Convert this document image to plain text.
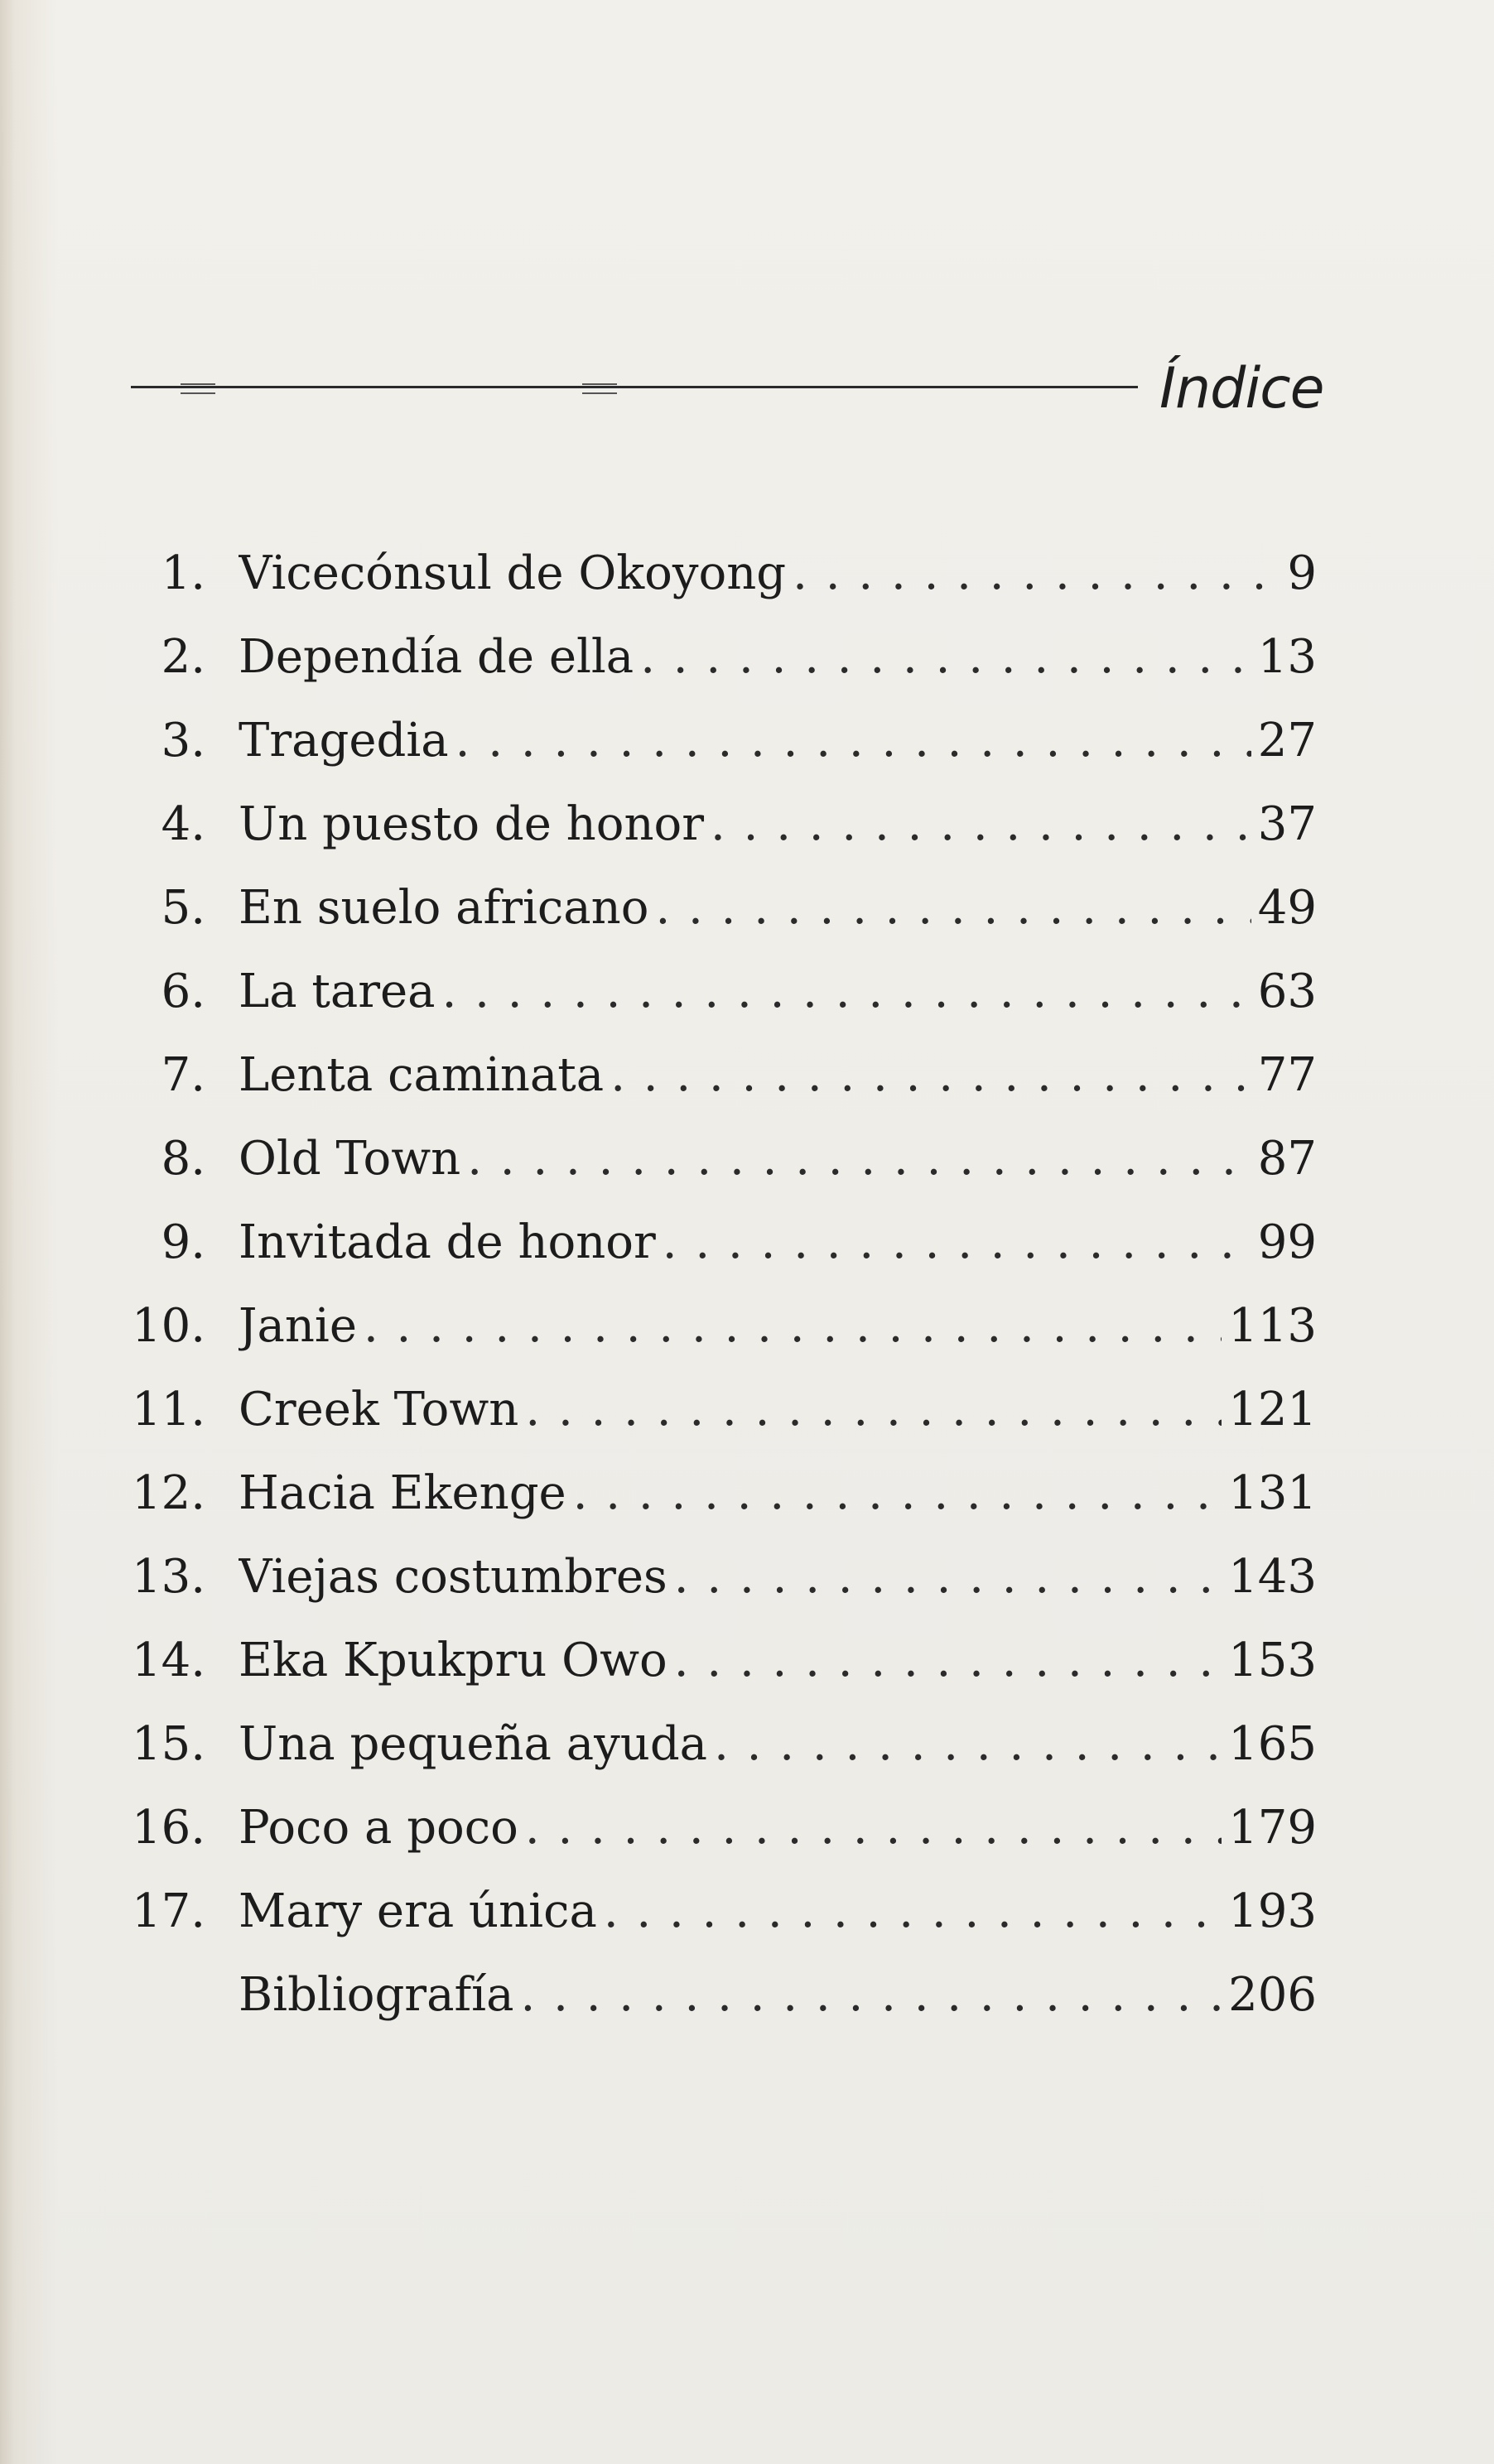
Índice
1. Vicecónsul de Okoyong . . .	9
2. Dependía de ella . . .	13
3. Tragedia . . .	27
4. Un puesto de honor . . .	37
5. En suelo africano . . .	49
6. La tarea . . .	63
7. Lenta caminata . . .	77
8. Old Town . . .	87
9. Invitada de honor . . .	99
10. Janie . . .	113
11. Creek Town . . .	121
12. Hacia Ekenge . . .	131
13. Viejas costumbres . . .	143
14. Eka Kpukpru Owo . . .	153
15. Una pequeña ayuda . . .	165
16. Poco a poco . . .	179
17. Mary era única . . .	193
Bibliografía . . .	206
